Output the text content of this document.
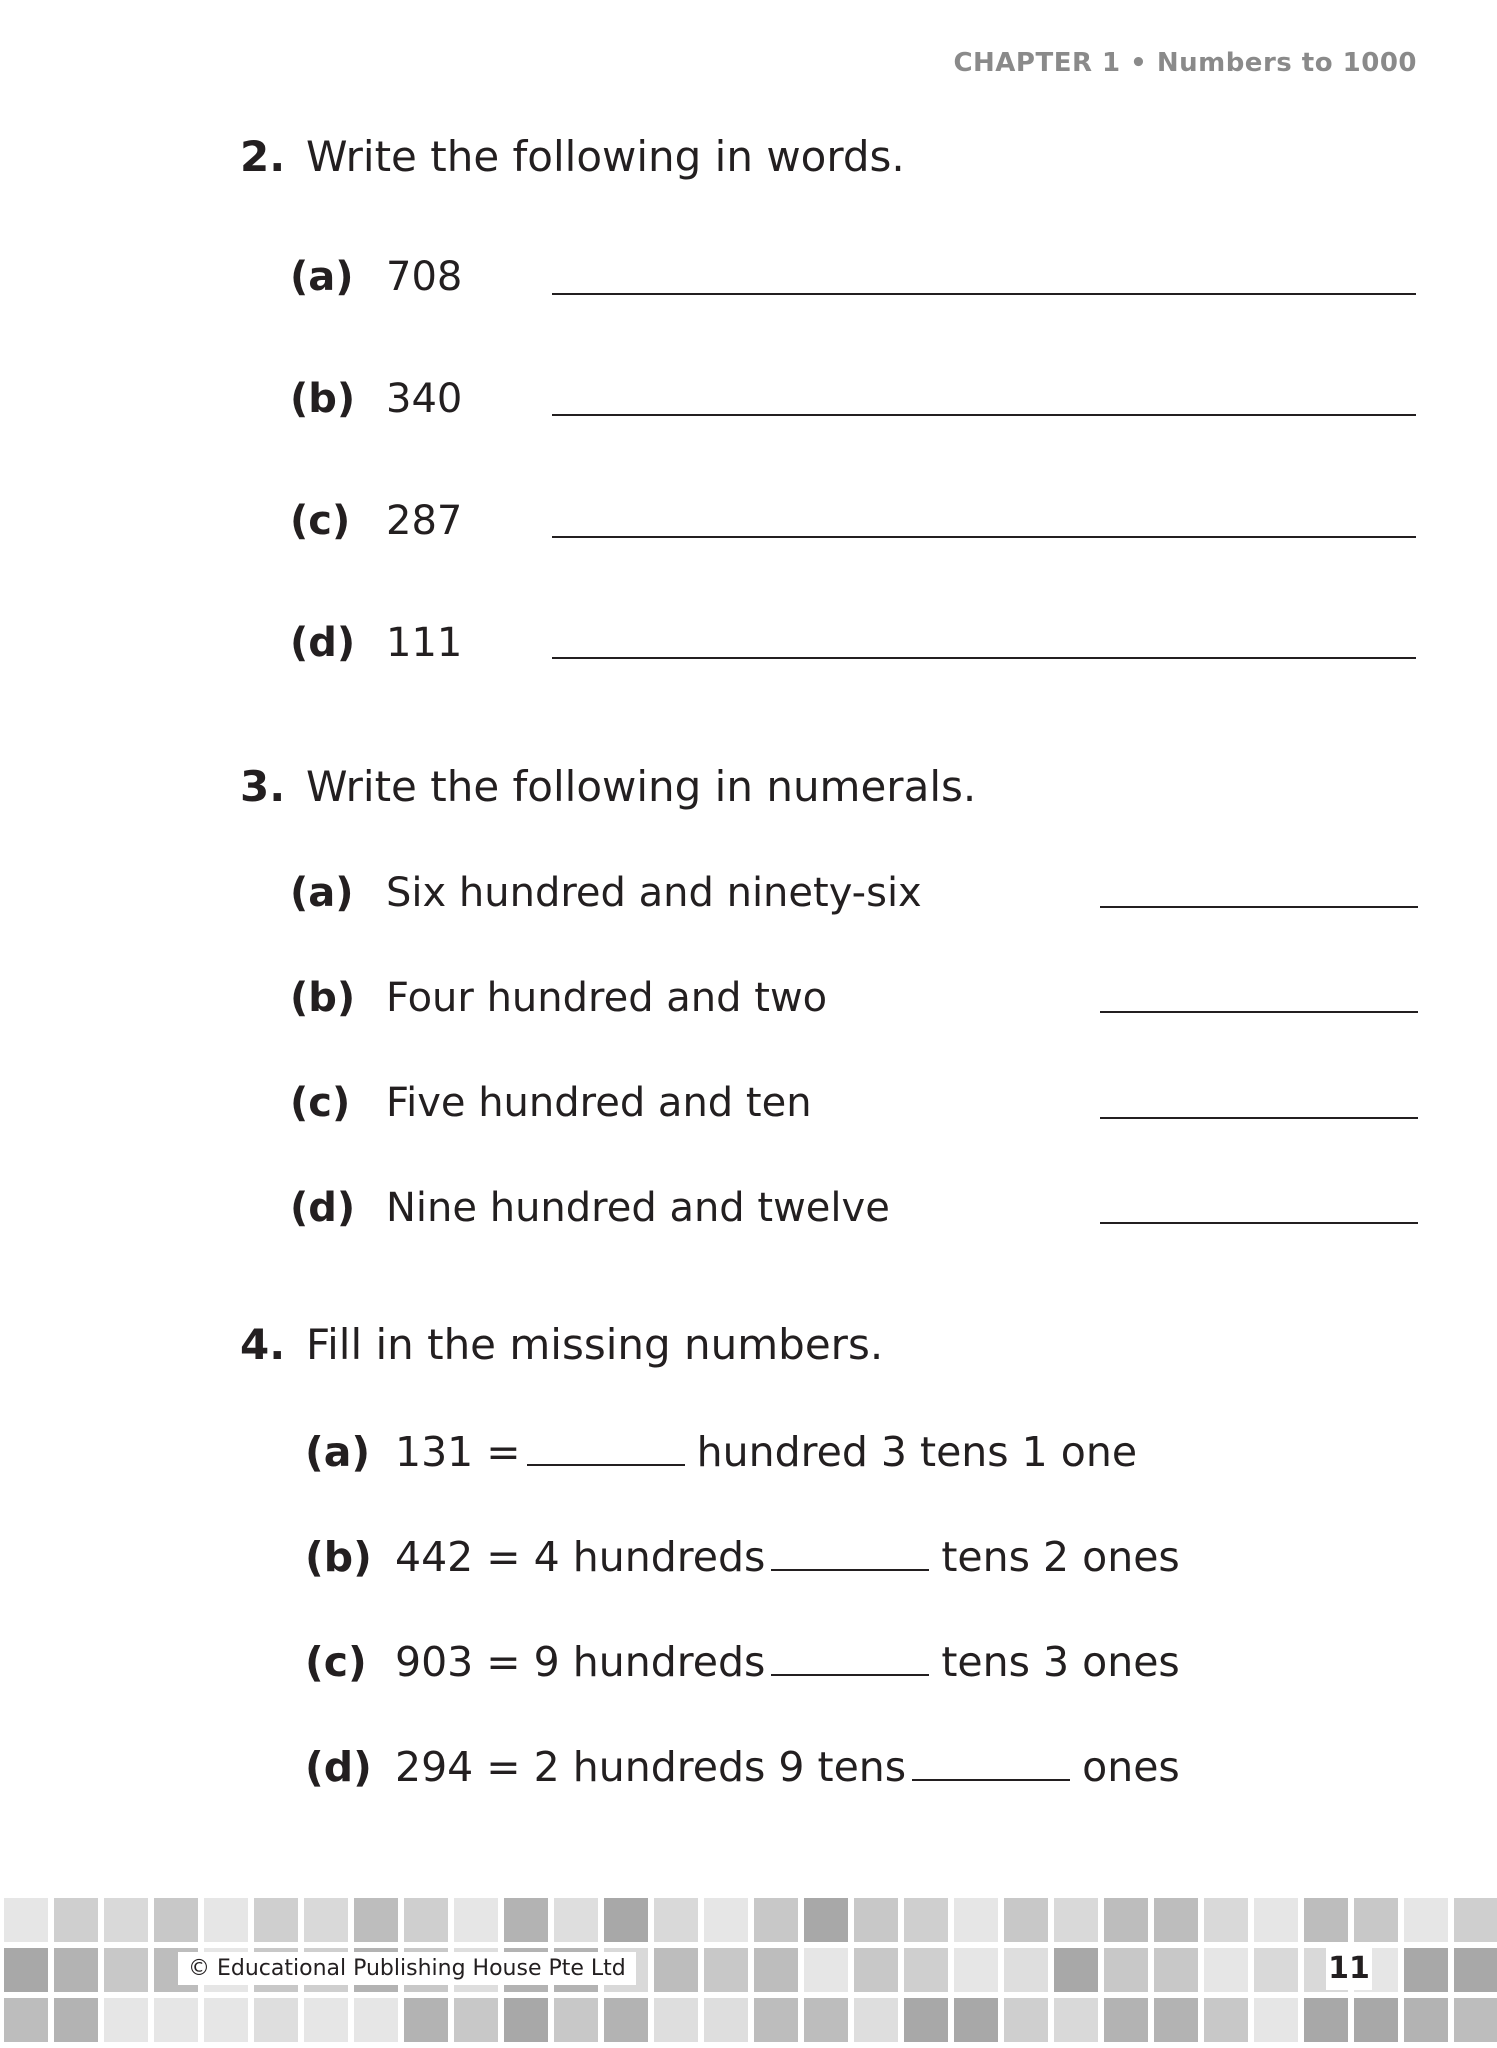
CHAPTER 1 • Numbers to 1000
2. Write the following in words.
(a) 708
(b) 340
(c) 287
(d) 111
3. Write the following in numerals.
(a) Six hundred and ninety-six
(b) Four hundred and two
(c) Five hundred and ten
(d) Nine hundred and twelve
4. Fill in the missing numbers.
(a) 131 =	hundred 3 tens 1 one
(b) 442 = 4 hundreds	tens 2 ones
(c) 903 = 9 hundreds	tens 3 ones
(d) 294 = 2 hundreds 9 tens	ones
© Educational Publishing House Pte Ltd	11
